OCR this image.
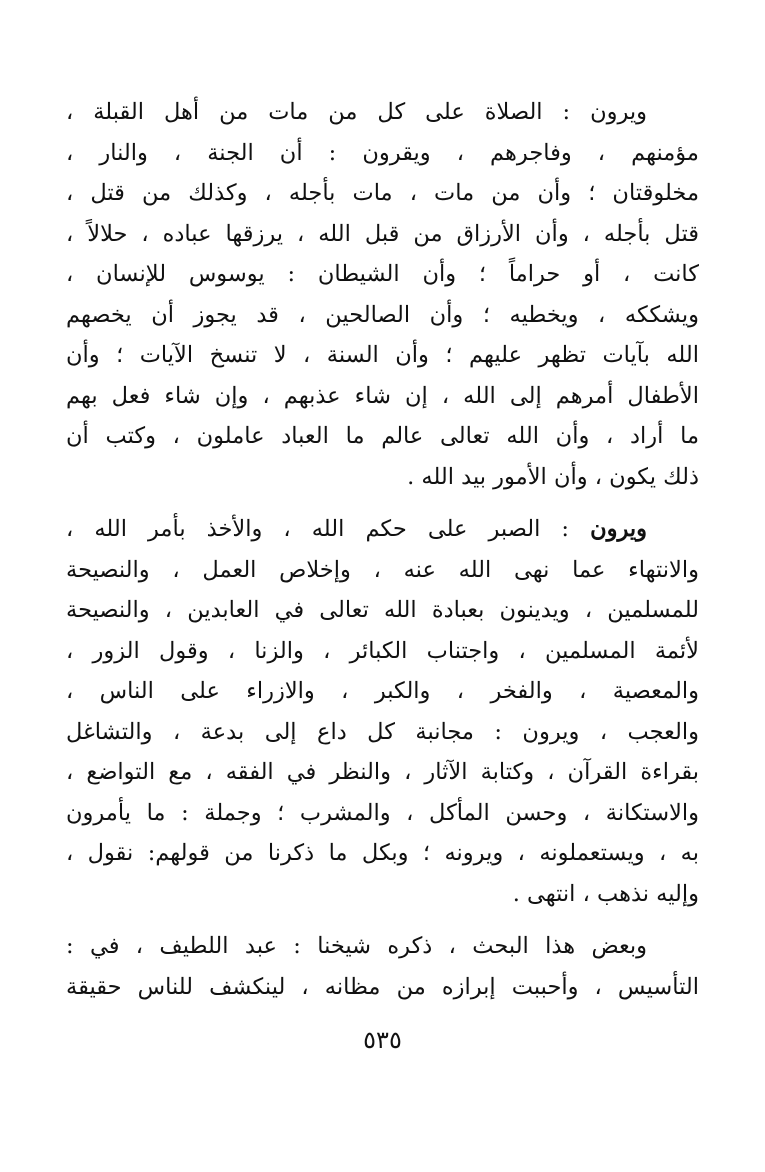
ويرون : الصلاة على كل من مات من أهل القبلة ،
مؤمنهم ، وفاجرهم ، ويقرون : أن الجنة ، والنار ،
مخلوقتان ؛ وأن من مات ، مات بأجله ، وكذلك من قتل ،
قتل بأجله ، وأن الأرزاق من قبل الله ، يرزقها عباده ، حلالاً ،
كانت ، أو حراماً ؛ وأن الشيطان : يوسوس للإنسان ،
ويشككه ، ويخطيه ؛ وأن الصالحين ، قد يجوز أن يخصهم
الله بآيات تظهر عليهم ؛ وأن السنة ، لا تنسخ الآيات ؛ وأن
الأطفال أمرهم إلى الله ، إن شاء عذبهم ، وإن شاء فعل بهم
ما أراد ، وأن الله تعالى عالم ما العباد عاملون ، وكتب أن
ذلك يكون ، وأن الأمور بيد الله .
ويرون : الصبر على حكم الله ، والأخذ بأمر الله ،
والانتهاء عما نهى الله عنه ، وإخلاص العمل ، والنصيحة
للمسلمين ، ويدينون بعبادة الله تعالى في العابدين ، والنصيحة
لأئمة المسلمين ، واجتناب الكبائر ، والزنا ، وقول الزور ،
والمعصية ، والفخر ، والكبر ، والازراء على الناس ،
والعجب ، ويرون : مجانبة كل داع إلى بدعة ، والتشاغل
بقراءة القرآن ، وكتابة الآثار ، والنظر في الفقه ، مع التواضع ،
والاستكانة ، وحسن المأكل ، والمشرب ؛ وجملة : ما يأمرون
به ، ويستعملونه ، ويرونه ؛ وبكل ما ذكرنا من قولهم: نقول ،
وإليه نذهب ، انتهى .
وبعض هذا البحث ، ذكره شيخنا : عبد اللطيف ، في :
التأسيس ، وأحببت إبرازه من مظانه ، لينكشف للناس حقيقة
٥٣٥
